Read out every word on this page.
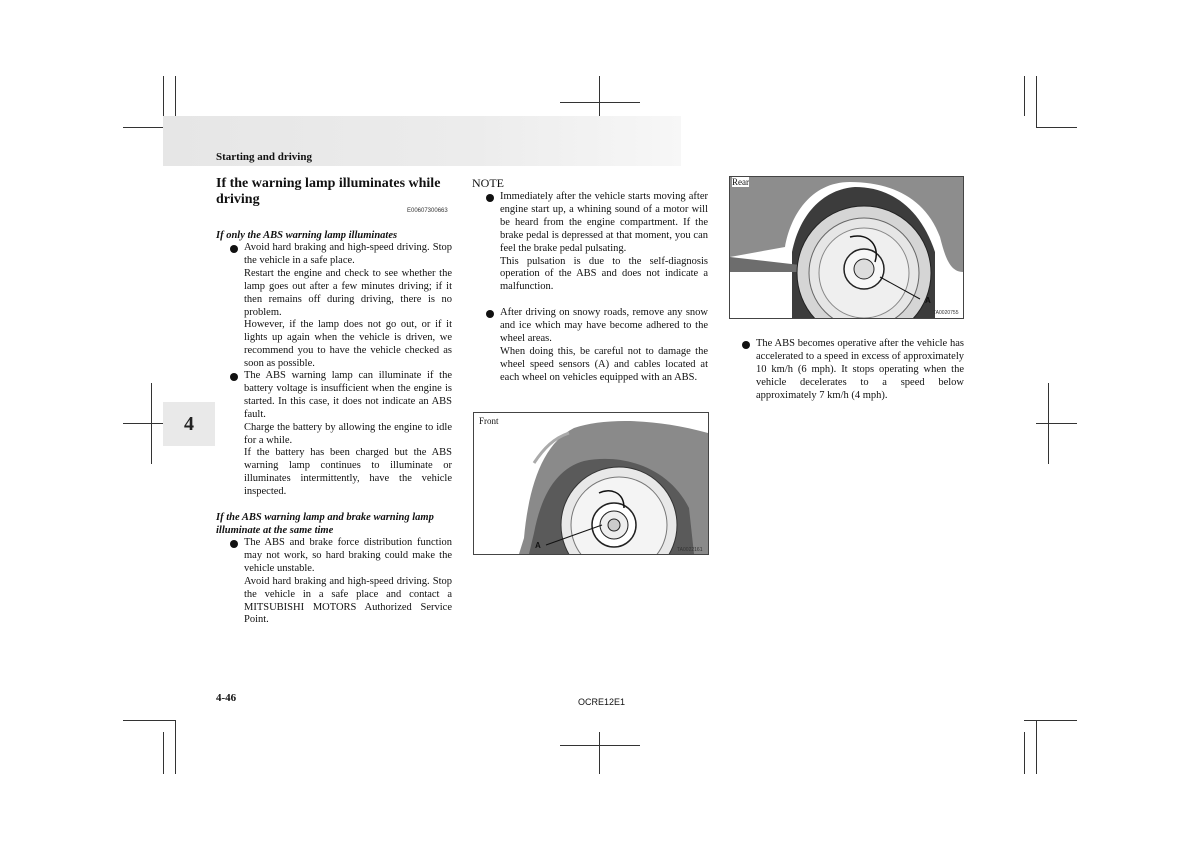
Starting and driving
4
If the warning lamp illuminates while driving
E00607300663
If only the ABS warning lamp illuminates
Avoid hard braking and high-speed driving. Stop the vehicle in a safe place.
Restart the engine and check to see whether the lamp goes out after a few minutes driving; if it then remains off during driving, there is no problem.
However, if the lamp does not go out, or if it lights up again when the vehicle is driven, we recommend you to have the vehicle checked as soon as possible.
The ABS warning lamp can illuminate if the battery voltage is insufficient when the engine is started. In this case, it does not indicate an ABS fault.
Charge the battery by allowing the engine to idle for a while.
If the battery has been charged but the ABS warning lamp continues to illuminate or illuminates intermittently, have the vehicle inspected.
If the ABS warning lamp and brake warning lamp illuminate at the same time
The ABS and brake force distribution function may not work, so hard braking could make the vehicle unstable.
Avoid hard braking and high-speed driving. Stop the vehicle in a safe place and contact a MITSUBISHI MOTORS Authorized Service Point.
NOTE
Immediately after the vehicle starts moving after engine start up, a whining sound of a motor will be heard from the engine compartment. If the brake pedal is depressed at that moment, you can feel the brake pedal pulsating.
This pulsation is due to the self-diagnosis operation of the ABS and does not indicate a malfunction.
After driving on snowy roads, remove any snow and ice which may have become adhered to the wheel areas.
When doing this, be careful not to damage the wheel speed sensors (A) and cables located at each wheel on vehicles equipped with an ABS.
Front
A	TA0022161
Rear
A
TA0020755
The ABS becomes operative after the vehicle has accelerated to a speed in excess of approximately 10 km/h (6 mph). It stops operating when the vehicle decelerates to a speed below approximately 7 km/h (4 mph).
4-46	OCRE12E1
